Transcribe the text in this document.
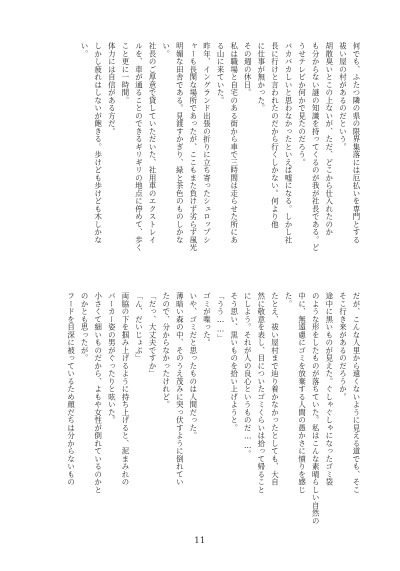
何でも、ふたつ隣の県の限界集落には厄払いを専門とする

祓い屋の村があるのだという。

胡散臭いとこの上ないが、ただ、どこから仕入れたのか

も分からない謎の知識を持ってくるのが我が社長である。ど

うせテレビか何かで見たのだろう。

バカバカしいと思わなかったといえば嘘になる。しかし社

長に行けと言われたのだから行くしかない。何より他

に仕事が無かった。

その週の休日。

私は職場と自宅のある街から車で三時間は走らせた所にあ

る山に来ていた。

昨年、イングランド出張の折りに立ち寄ったシュロップシ

ャーも長閑な場所であったが、ここもまた負けず劣らず風光

明媚な田舎である。見渡すかぎり、緑と茶色のものしかな

い。

社長のご厚意で貸していただいた、社用車のエクストレイ

ルを、車が通ることのできるギリギリの地点に停めて、歩く

こと更に一時間。

体力には自信がある方だ。

しかし疲れはしないが飽きる。歩けども歩けども木しかな

い。

だが、こんな人里から遠くないように見える道でも、そこ

そこ行き来があるのだろうか。

途中に黒いものが見えた。ぐしゃぐしゃになったゴミ袋

のような形をしたものが落ちていた。私はこんな素晴らしい自然の

中に、無遠慮にゴミを放棄する人間の愚かさに憤りを感じ

た。

たとえ、祓い屋村まで辿り着かなかったとしても、大自

然に敬意を表し、目についたゴミくらいは拾って帰ること

にしよう。それが人の良心というものだ……。

そう思い、黒いものを拾い上げようと。

「うう……」

ゴミが喋った。

いや、ゴミだと思ったものは人間だった。

薄暗い森の中、そのうえ茂みに突っ伏すように倒れてい

たので、分からなかったけれど。

「だっ、大丈夫ですか」

「ん、だいじょぶ」

両脇の下を掴み上げるように持ち上げると、泥まみれの

パーカー姿の男がぐったりと呟いた。

小さくて細いものだから、よもや女性が倒れているのかと

のかとも思ったが。

フードを目深に被っているため顔だちは分からないもの

11
